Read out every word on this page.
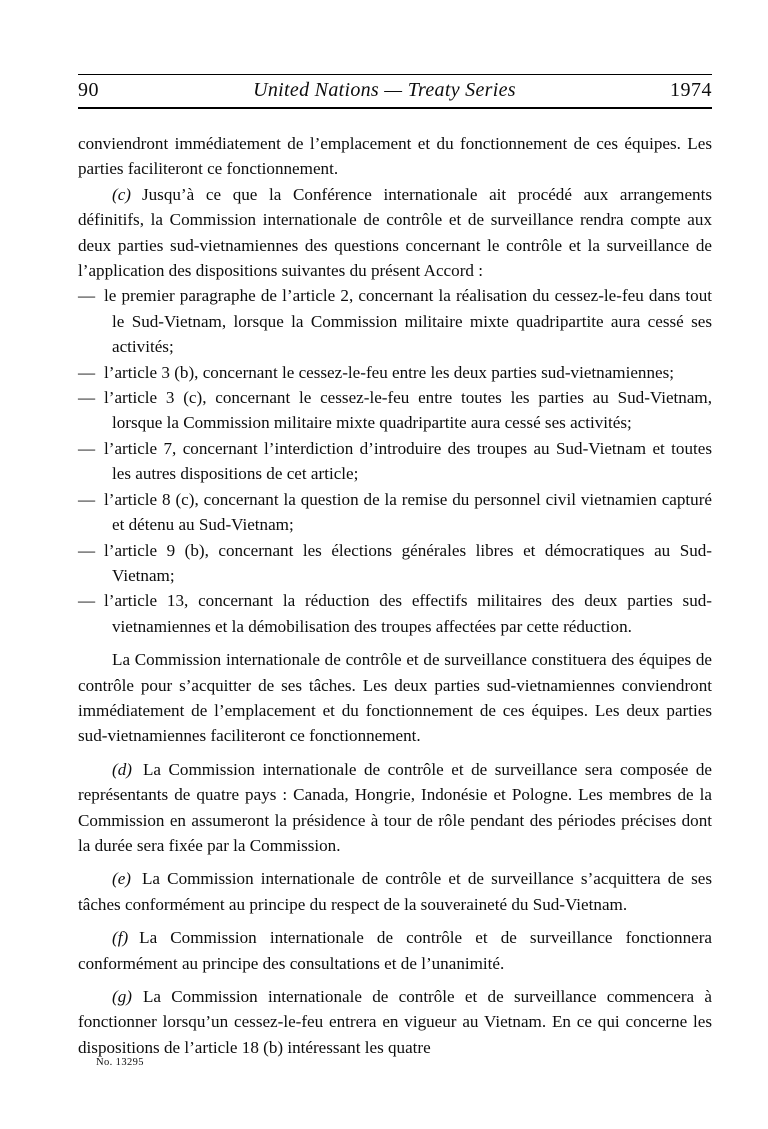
90	United Nations — Treaty Series	1974

conviendront immédiatement de l’emplacement et du fonctionnement de ces équipes. Les parties faciliteront ce fonctionnement.

(c) Jusqu’à ce que la Conférence internationale ait procédé aux arrangements définitifs, la Commission internationale de contrôle et de surveillance rendra compte aux deux parties sud-vietnamiennes des questions concernant le contrôle et la surveillance de l’application des dispositions suivantes du présent Accord :

— le premier paragraphe de l’article 2, concernant la réalisation du cessez-le-feu dans tout le Sud-Vietnam, lorsque la Commission militaire mixte quadripartite aura cessé ses activités;
— l’article 3 (b), concernant le cessez-le-feu entre les deux parties sud-vietnamiennes;
— l’article 3 (c), concernant le cessez-le-feu entre toutes les parties au Sud-Vietnam, lorsque la Commission militaire mixte quadripartite aura cessé ses activités;
— l’article 7, concernant l’interdiction d’introduire des troupes au Sud-Vietnam et toutes les autres dispositions de cet article;
— l’article 8 (c), concernant la question de la remise du personnel civil vietnamien capturé et détenu au Sud-Vietnam;
— l’article 9 (b), concernant les élections générales libres et démocratiques au Sud-Vietnam;
— l’article 13, concernant la réduction des effectifs militaires des deux parties sud-vietnamiennes et la démobilisation des troupes affectées par cette réduction.

La Commission internationale de contrôle et de surveillance constituera des équipes de contrôle pour s’acquitter de ses tâches. Les deux parties sud-vietnamiennes conviendront immédiatement de l’emplacement et du fonctionnement de ces équipes. Les deux parties sud-vietnamiennes faciliteront ce fonctionnement.

(d) La Commission internationale de contrôle et de surveillance sera composée de représentants de quatre pays : Canada, Hongrie, Indonésie et Pologne. Les membres de la Commission en assumeront la présidence à tour de rôle pendant des périodes précises dont la durée sera fixée par la Commission.

(e) La Commission internationale de contrôle et de surveillance s’acquittera de ses tâches conformément au principe du respect de la souveraineté du Sud-Vietnam.

(f) La Commission internationale de contrôle et de surveillance fonctionnera conformément au principe des consultations et de l’unanimité.

(g) La Commission internationale de contrôle et de surveillance commencera à fonctionner lorsqu’un cessez-le-feu entrera en vigueur au Vietnam. En ce qui concerne les dispositions de l’article 18 (b) intéressant les quatre

No. 13295
